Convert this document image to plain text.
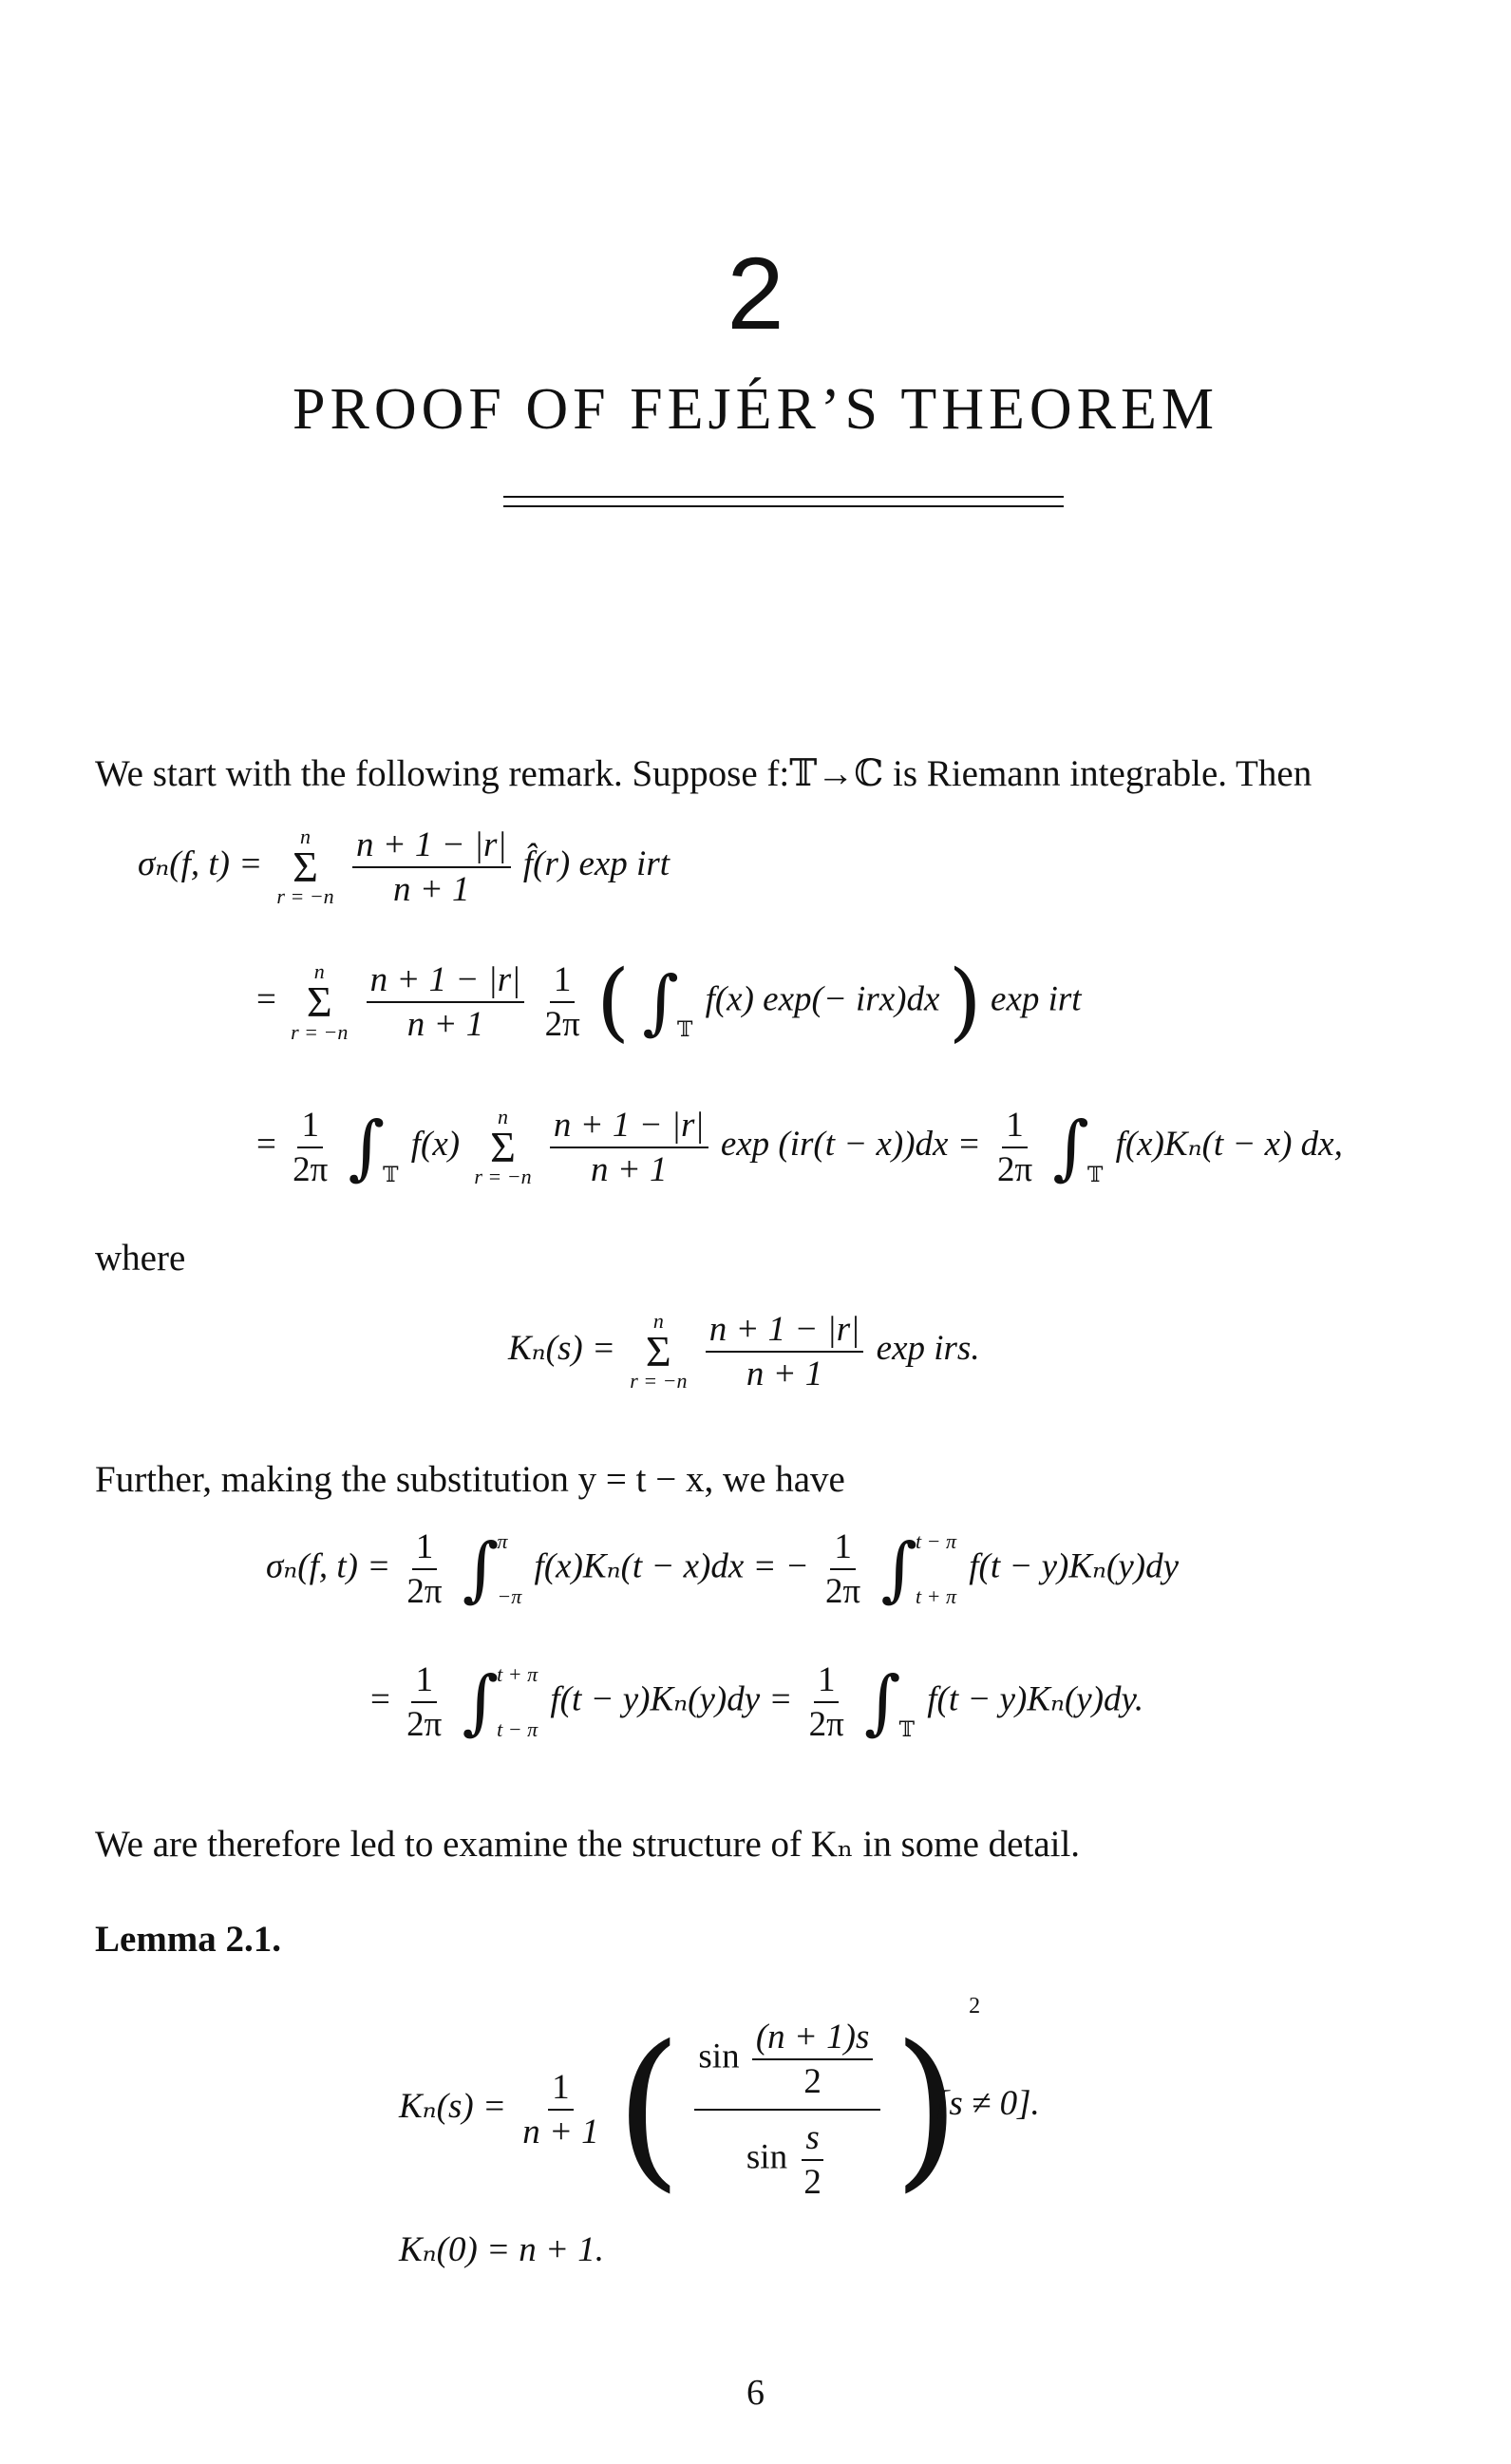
2
PROOF OF FEJÉR’S THEOREM
We start with the following remark. Suppose f:𝕋→ℂ is Riemann integrable. Then
σₙ(f, t) =
n
Σ
r = −n
$\frac{n + 1 - |r|}{n + 1}$ f̂(r) exp irt
=
n
Σ
r = −n
$\frac{n + 1 - |r|}{n + 1}$
$\frac{1}{2\pi}$ ( ∫
𝕋
f(x) exp(− irx)dx ) exp irt
= $\frac{1}{2\pi}$
∫
𝕋
f(x)
n
Σ
r = −n
$\frac{n + 1 - |r|}{n + 1}$ $\exp (ir(t - x))dx = \frac{1}{2\pi}$
∫
𝕋
f(x)Kₙ(t − x) dx,
where
Kₙ(s) =
n
Σ
r = −n
$\frac{n + 1 - |r|}{n + 1}$ exp irs.
Further, making the substitution y = t − x, we have
σₙ(f, $t) = \frac{1}{2\pi}$
∫
π
−π
f(x)Kₙ(t − x)dx = − $\frac{1}{2\pi}$
∫
t − π
t + π
f(t − y)Kₙ(y)dy
= $\frac{1}{2\pi}$
∫
t + π
t − π
$f(t - y)K_n(y)dy = \frac{1}{2\pi}$
∫
𝕋
f(t − y)Kₙ(y)dy.
We are therefore led to examine the structure of Kₙ in some detail.
Lemma 2.1.
$K_n(s) = \frac{1}{n + 1}$ ( $\frac{\sin \frac{(n + 1)s}{2}}{\sin \frac{s}{2}}$ ) $^2$
[s ≠ 0].
Kₙ(0) = n + 1.
6
